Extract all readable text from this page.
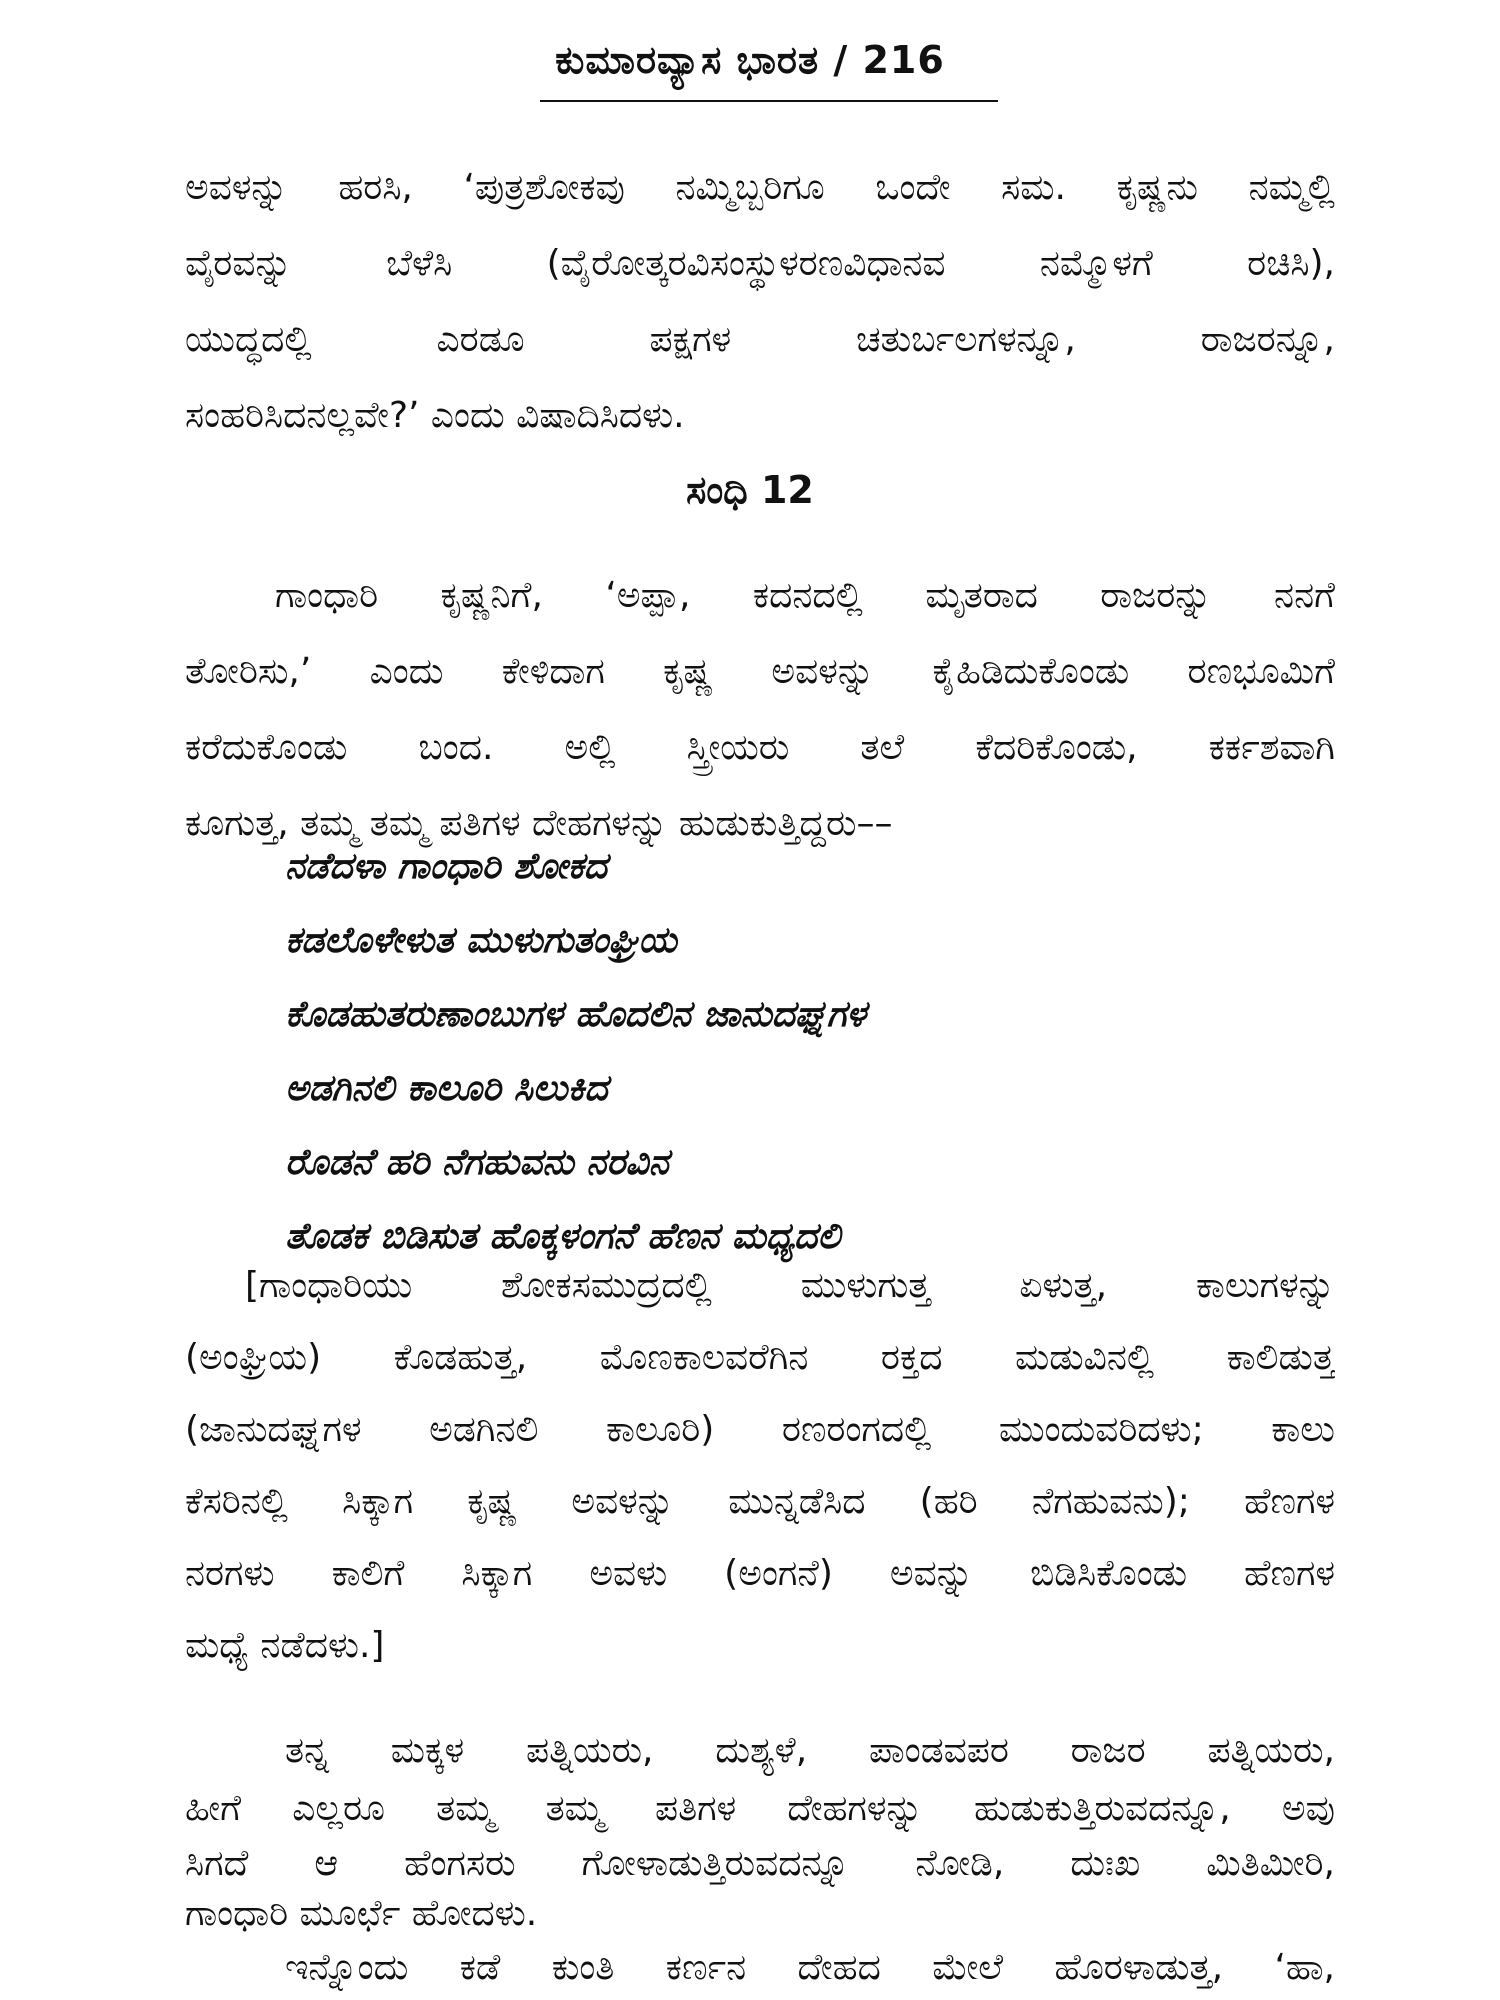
ಕುಮಾರವ್ಯಾಸ ಭಾರತ / 216
ಅವಳನ್ನು ಹರಸಿ, ‘ಪುತ್ರಶೋಕವು ನಮ್ಮಿಬ್ಬರಿಗೂ ಒಂದೇ ಸಮ. ಕೃಷ್ಣನು ನಮ್ಮಲ್ಲಿ
ವೈರವನ್ನು ಬೆಳೆಸಿ (ವೈರೋತ್ಕರವಿಸಂಸ್ಥುಳರಣವಿಧಾನವ ನಮ್ಮೊಳಗೆ ರಚಿಸಿ),
ಯುದ್ಧದಲ್ಲಿ ಎರಡೂ ಪಕ್ಷಗಳ ಚತುರ್ಬಲಗಳನ್ನೂ, ರಾಜರನ್ನೂ,
ಸಂಹರಿಸಿದನಲ್ಲವೇ?’ ಎಂದು ವಿಷಾದಿಸಿದಳು.
ಸಂಧಿ 12
ಗಾಂಧಾರಿ ಕೃಷ್ಣನಿಗೆ, ‘ಅಪ್ಪಾ, ಕದನದಲ್ಲಿ ಮೃತರಾದ ರಾಜರನ್ನು ನನಗೆ
ತೋರಿಸು,’ ಎಂದು ಕೇಳಿದಾಗ ಕೃಷ್ಣ ಅವಳನ್ನು ಕೈಹಿಡಿದುಕೊಂಡು ರಣಭೂಮಿಗೆ
ಕರೆದುಕೊಂಡು ಬಂದ. ಅಲ್ಲಿ ಸ್ತ್ರೀಯರು ತಲೆ ಕೆದರಿಕೊಂಡು, ಕರ್ಕಶವಾಗಿ
ಕೂಗುತ್ತ, ತಮ್ಮ ತಮ್ಮ ಪತಿಗಳ ದೇಹಗಳನ್ನು ಹುಡುಕುತ್ತಿದ್ದರು––
ನಡೆದಳಾ ಗಾಂಧಾರಿ ಶೋಕದ
ಕಡಲೊಳೇಳುತ ಮುಳುಗುತಂಘ್ರಿಯ
ಕೊಡಹುತರುಣಾಂಬುಗಳ ಹೊದಲಿನ ಜಾನುದಘ್ನಗಳ
ಅಡಗಿನಲಿ ಕಾಲೂರಿ ಸಿಲುಕಿದ
ರೊಡನೆ ಹರಿ ನೆಗಹುವನು ನರವಿನ
ತೊಡಕ ಬಿಡಿಸುತ ಹೊಕ್ಕಳಂಗನೆ ಹೆಣನ ಮಧ್ಯದಲಿ
[ಗಾಂಧಾರಿಯು ಶೋಕಸಮುದ್ರದಲ್ಲಿ ಮುಳುಗುತ್ತ ಏಳುತ್ತ, ಕಾಲುಗಳನ್ನು
(ಅಂಘ್ರಿಯ) ಕೊಡಹುತ್ತ, ಮೊಣಕಾಲವರೆಗಿನ ರಕ್ತದ ಮಡುವಿನಲ್ಲಿ ಕಾಲಿಡುತ್ತ
(ಜಾನುದಘ್ನಗಳ ಅಡಗಿನಲಿ ಕಾಲೂರಿ) ರಣರಂಗದಲ್ಲಿ ಮುಂದುವರಿದಳು; ಕಾಲು
ಕೆಸರಿನಲ್ಲಿ ಸಿಕ್ಕಾಗ ಕೃಷ್ಣ ಅವಳನ್ನು ಮುನ್ನಡೆಸಿದ (ಹರಿ ನೆಗಹುವನು); ಹೆಣಗಳ
ನರಗಳು ಕಾಲಿಗೆ ಸಿಕ್ಕಾಗ ಅವಳು (ಅಂಗನೆ) ಅವನ್ನು ಬಿಡಿಸಿಕೊಂಡು ಹೆಣಗಳ
ಮಧ್ಯೆ ನಡೆದಳು.]
ತನ್ನ ಮಕ್ಕಳ ಪತ್ನಿಯರು, ದುಶ್ಯಳೆ, ಪಾಂಡವಪರ ರಾಜರ ಪತ್ನಿಯರು,
ಹೀಗೆ ಎಲ್ಲರೂ ತಮ್ಮ ತಮ್ಮ ಪತಿಗಳ ದೇಹಗಳನ್ನು ಹುಡುಕುತ್ತಿರುವದನ್ನೂ, ಅವು
ಸಿಗದೆ ಆ ಹೆಂಗಸರು ಗೋಳಾಡುತ್ತಿರುವದನ್ನೂ ನೋಡಿ, ದುಃಖ ಮಿತಿಮೀರಿ,
ಗಾಂಧಾರಿ ಮೂರ್ಛೆ ಹೋದಳು.
ಇನ್ನೊಂದು ಕಡೆ ಕುಂತಿ ಕರ್ಣನ ದೇಹದ ಮೇಲೆ ಹೊರಳಾಡುತ್ತ, ‘ಹಾ,
